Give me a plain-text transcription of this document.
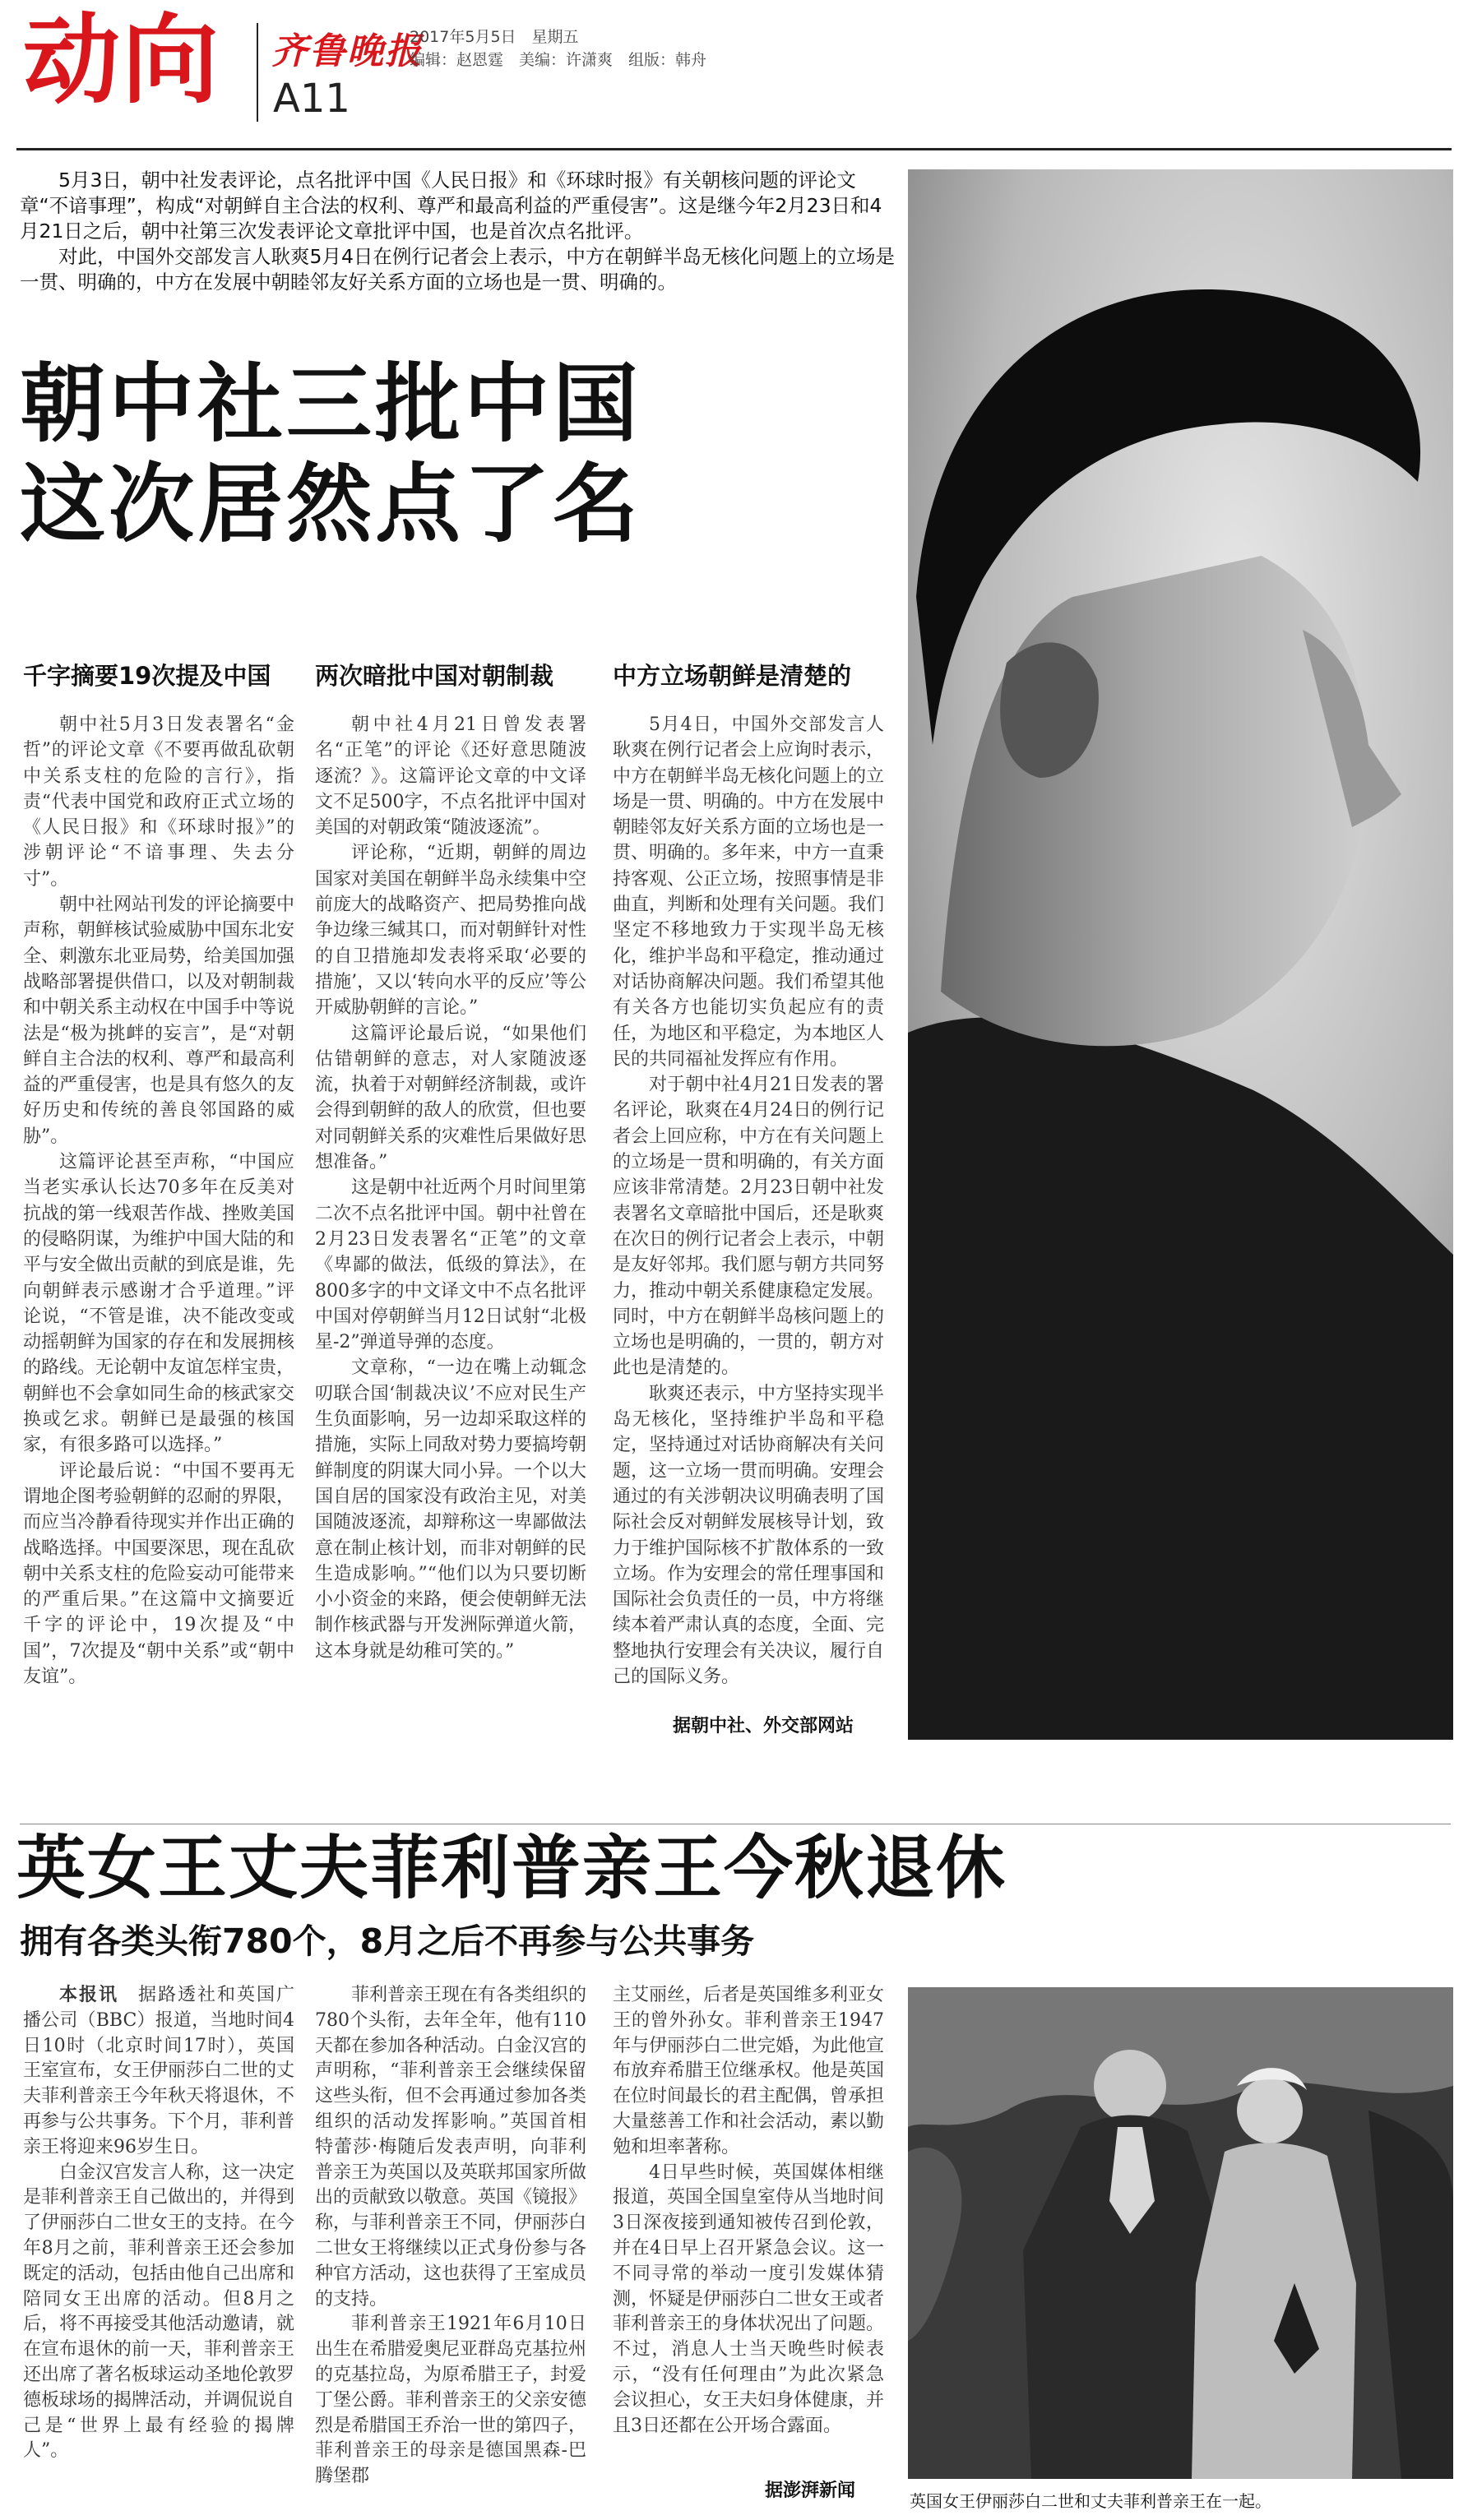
动向 齐鲁晚报
A11
2017年5月5日　星期五
编辑：赵恩霆　美编：许潇爽　组版：韩舟

5月3日，朝中社发表评论，点名批评中国《人民日报》和《环球时报》有关朝核问题的评论文章“不谙事理”，构成“对朝鲜自主合法的权利、尊严和最高利益的严重侵害”。这是继今年2月23日和4月21日之后，朝中社第三次发表评论文章批评中国，也是首次点名批评。

对此，中国外交部发言人耿爽5月4日在例行记者会上表示，中方在朝鲜半岛无核化问题上的立场是一贯、明确的，中方在发展中朝睦邻友好关系方面的立场也是一贯、明确的。

朝中社三批中国
这次居然点了名
千字摘要19次提及中国 两次暗批中国对朝制裁 中方立场朝鲜是清楚的

朝中社5月3日发表署名“金哲”的评论文章《不要再做乱砍朝中关系支柱的危险的言行》，指责“代表中国党和政府正式立场的《人民日报》和《环球时报》”的涉朝评论“不谙事理、失去分寸”。

朝中社网站刊发的评论摘要中声称，朝鲜核试验威胁中国东北安全、刺激东北亚局势，给美国加强战略部署提供借口，以及对朝制裁和中朝关系主动权在中国手中等说法是“极为挑衅的妄言”，是“对朝鲜自主合法的权利、尊严和最高利益的严重侵害，也是具有悠久的友好历史和传统的善良邻国路的威胁”。

这篇评论甚至声称，“中国应当老实承认长达70多年在反美对抗战的第一线艰苦作战、挫败美国的侵略阴谋，为维护中国大陆的和平与安全做出贡献的到底是谁，先向朝鲜表示感谢才合乎道理。”评论说，“不管是谁，决不能改变或动摇朝鲜为国家的存在和发展拥核的路线。无论朝中友谊怎样宝贵，朝鲜也不会拿如同生命的核武家交换或乞求。朝鲜已是最强的核国家，有很多路可以选择。”

评论最后说：“中国不要再无谓地企图考验朝鲜的忍耐的界限，而应当冷静看待现实并作出正确的战略选择。中国要深思，现在乱砍朝中关系支柱的危险妄动可能带来的严重后果。”在这篇中文摘要近千字的评论中，19次提及“中国”，7次提及“朝中关系”或“朝中友谊”。

朝中社4月21日曾发表署名“正笔”的评论《还好意思随波逐流？》。这篇评论文章的中文译文不足500字，不点名批评中国对美国的对朝政策“随波逐流”。

评论称，“近期，朝鲜的周边国家对美国在朝鲜半岛永续集中空前庞大的战略资产、把局势推向战争边缘三缄其口，而对朝鲜针对性的自卫措施却发表将采取‘必要的措施’，又以‘转向水平的反应’等公开威胁朝鲜的言论。”

这篇评论最后说，“如果他们估错朝鲜的意志，对人家随波逐流，执着于对朝鲜经济制裁，或许会得到朝鲜的敌人的欣赏，但也要对同朝鲜关系的灾难性后果做好思想准备。”

这是朝中社近两个月时间里第二次不点名批评中国。朝中社曾在2月23日发表署名“正笔”的文章《卑鄙的做法，低级的算法》，在800多字的中文译文中不点名批评中国对停朝鲜当月12日试射“北极星-2”弹道导弹的态度。

文章称，“一边在嘴上动辄念叨联合国‘制裁决议’不应对民生产生负面影响，另一边却采取这样的措施，实际上同敌对势力要搞垮朝鲜制度的阴谋大同小异。一个以大国自居的国家没有政治主见，对美国随波逐流，却辩称这一卑鄙做法意在制止核计划，而非对朝鲜的民生造成影响。”“他们以为只要切断小小资金的来路，便会使朝鲜无法制作核武器与开发洲际弹道火箭，这本身就是幼稚可笑的。”

5月4日，中国外交部发言人耿爽在例行记者会上应询时表示，中方在朝鲜半岛无核化问题上的立场是一贯、明确的。中方在发展中朝睦邻友好关系方面的立场也是一贯、明确的。多年来，中方一直秉持客观、公正立场，按照事情是非曲直，判断和处理有关问题。我们坚定不移地致力于实现半岛无核化，维护半岛和平稳定，推动通过对话协商解决问题。我们希望其他有关各方也能切实负起应有的责任，为地区和平稳定，为本地区人民的共同福祉发挥应有作用。

对于朝中社4月21日发表的署名评论，耿爽在4月24日的例行记者会上回应称，中方在有关问题上的立场是一贯和明确的，有关方面应该非常清楚。2月23日朝中社发表署名文章暗批中国后，还是耿爽在次日的例行记者会上表示，中朝是友好邻邦。我们愿与朝方共同努力，推动中朝关系健康稳定发展。同时，中方在朝鲜半岛核问题上的立场也是明确的，一贯的，朝方对此也是清楚的。

耿爽还表示，中方坚持实现半岛无核化，坚持维护半岛和平稳定，坚持通过对话协商解决有关问题，这一立场一贯而明确。安理会通过的有关涉朝决议明确表明了国际社会反对朝鲜发展核导计划，致力于维护国际核不扩散体系的一致立场。作为安理会的常任理事国和国际社会负责任的一员，中方将继续本着严肃认真的态度，全面、完整地执行安理会有关决议，履行自己的国际义务。

据朝中社、外交部网站
英女王丈夫菲利普亲王今秋退休
拥有各类头衔780个，8月之后不再参与公共事务

本报讯　 据路透社和英国广播公司（BBC）报道，当地时间4日10时（北京时间17时），英国王室宣布，女王伊丽莎白二世的丈夫菲利普亲王今年秋天将退休，不再参与公共事务。下个月，菲利普亲王将迎来96岁生日。

白金汉宫发言人称，这一决定是菲利普亲王自己做出的，并得到了伊丽莎白二世女王的支持。在今年8月之前，菲利普亲王还会参加既定的活动，包括由他自己出席和陪同女王出席的活动。但8月之后，将不再接受其他活动邀请，就在宣布退休的前一天，菲利普亲王还出席了著名板球运动圣地伦敦罗德板球场的揭牌活动，并调侃说自己是“世界上最有经验的揭牌人”。

菲利普亲王现在有各类组织的780个头衔，去年全年，他有110天都在参加各种活动。白金汉宫的声明称，“菲利普亲王会继续保留这些头衔，但不会再通过参加各类组织的活动发挥影响。”英国首相特蕾莎·梅随后发表声明，向菲利普亲王为英国以及英联邦国家所做出的贡献致以敬意。英国《镜报》称，与菲利普亲王不同，伊丽莎白二世女王将继续以正式身份参与各种官方活动，这也获得了王室成员的支持。

菲利普亲王1921年6月10日出生在希腊爱奥尼亚群岛克基拉州的克基拉岛，为原希腊王子，封爱丁堡公爵。菲利普亲王的父亲安德烈是希腊国王乔治一世的第四子，菲利普亲王的母亲是德国黑森-巴腾堡郡

主艾丽丝，后者是英国维多利亚女王的曾外孙女。菲利普亲王1947年与伊丽莎白二世完婚，为此他宣布放弃希腊王位继承权。他是英国在位时间最长的君主配偶，曾承担大量慈善工作和社会活动，素以勤勉和坦率著称。

4日早些时候，英国媒体相继报道，英国全国皇室侍从当地时间3日深夜接到通知被传召到伦敦，并在4日早上召开紧急会议。这一不同寻常的举动一度引发媒体猜测，怀疑是伊丽莎白二世女王或者菲利普亲王的身体状况出了问题。不过，消息人士当天晚些时候表示，“没有任何理由”为此次紧急会议担心，女王夫妇身体健康，并且3日还都在公开场合露面。

据澎湃新闻	英国女王伊丽莎白二世和丈夫菲利普亲王在一起。
